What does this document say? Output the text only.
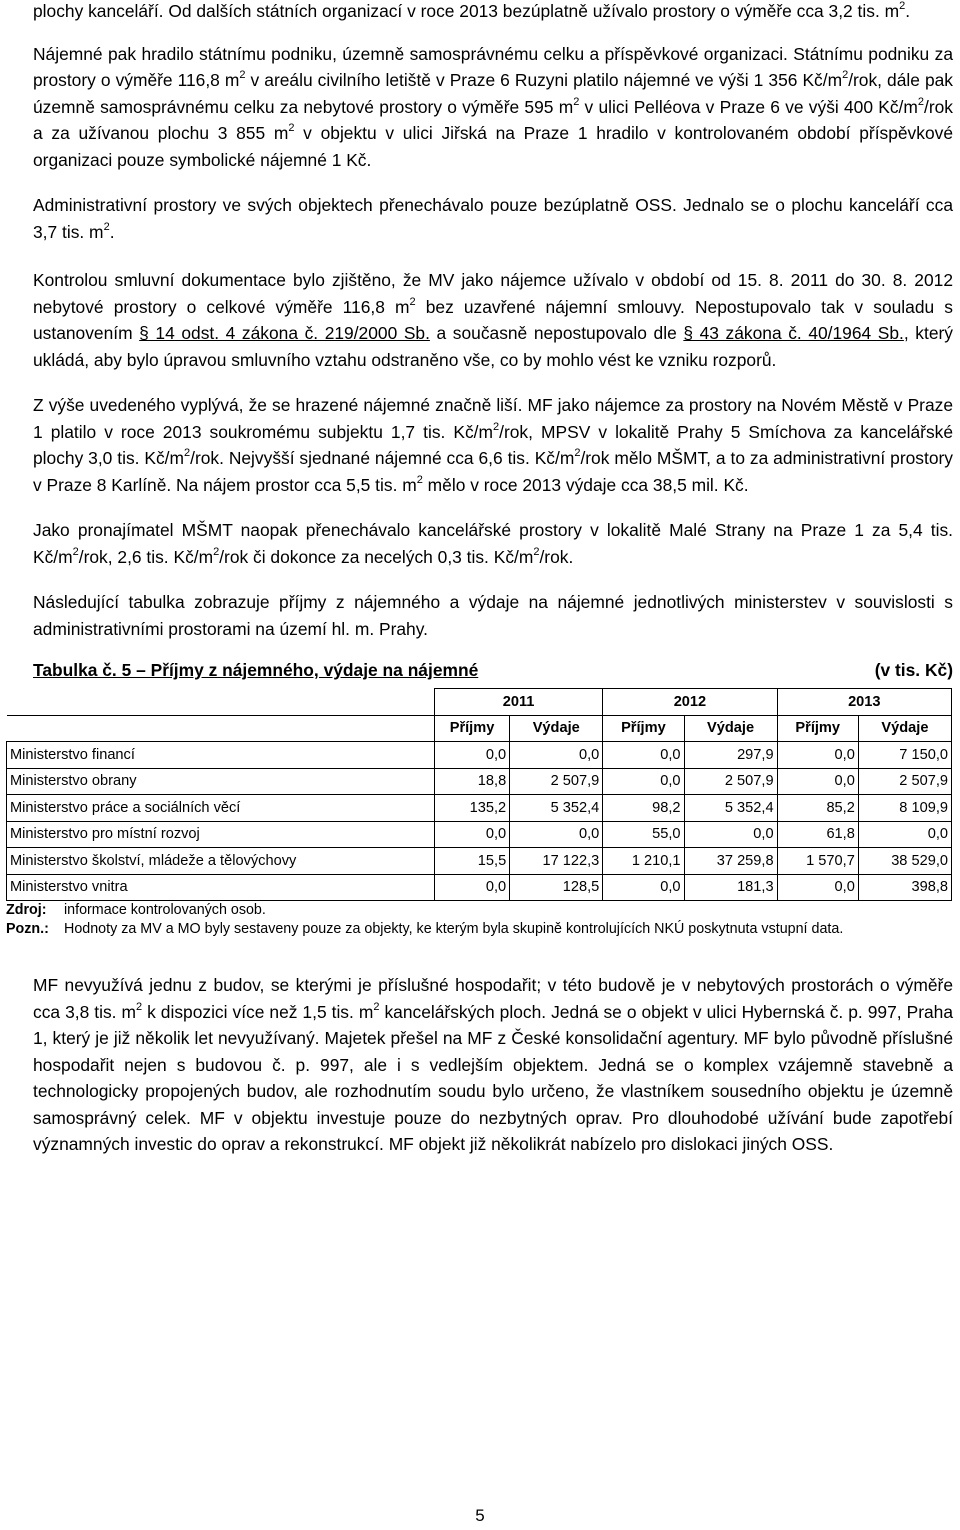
plochy kanceláří. Od dalších státních organizací v roce 2013 bezúplatně užívalo prostory o výměře cca 3,2 tis. $m^2$.

Nájemné pak hradilo státnímu podniku, územně samosprávnému celku a příspěvkové organizaci. Státnímu podniku za prostory o výměře 116,8 $m^2$ v areálu civilního letiště v Praze 6 Ruzyni platilo nájemné ve výši 1 356 $Kč/m^2$/rok, dále pak územně samosprávnému celku za nebytové prostory o výměře 595 $m^2$ v ulici Pelléova v Praze 6 ve výši 400 $Kč/m^2$/rok a za užívanou plochu 3 855 $m^2$ v objektu v ulici Jiřská na Praze 1 hradilo v kontrolovaném období příspěvkové organizaci pouze symbolické nájemné 1 Kč.

Administrativní prostory ve svých objektech přenechávalo pouze bezúplatně OSS. Jednalo se o plochu kanceláří cca 3,7 tis. $m^2$.

Kontrolou smluvní dokumentace bylo zjištěno, že MV jako nájemce užívalo v období od 15. 8. 2011 do 30. 8. 2012 nebytové prostory o celkové výměře 116,8 $m^2$ bez uzavřené nájemní smlouvy. Nepostupovalo tak v souladu s ustanovením § 14 odst. 4 zákona č. 219/2000 Sb. a současně nepostupovalo dle § 43 zákona č. 40/1964 Sb., který ukládá, aby bylo úpravou smluvního vztahu odstraněno vše, co by mohlo vést ke vzniku rozporů.

Z výše uvedeného vyplývá, že se hrazené nájemné značně liší. MF jako nájemce za prostory na Novém Městě v Praze 1 platilo v roce 2013 soukromému subjektu 1,7 tis. $Kč/m^2$/rok, MPSV v lokalitě Prahy 5 Smíchova za kancelářské plochy 3,0 tis. $Kč/m^2$/rok. Nejvyšší sjednané nájemné cca 6,6 tis. $Kč/m^2$/rok mělo MŠMT, a to za administrativní prostory v Praze 8 Karlíně. Na nájem prostor cca 5,5 tis. $m^2$ mělo v roce 2013 výdaje cca 38,5 mil. Kč.

Jako pronajímatel MŠMT naopak přenechávalo kancelářské prostory v lokalitě Malé Strany na Praze 1 za 5,4 tis. $Kč/m^2$/rok, 2,6 tis. $Kč/m^2$/rok či dokonce za necelých 0,3 tis. $Kč/m^2$/rok.

Následující tabulka zobrazuje příjmy z nájemného a výdaje na nájemné jednotlivých ministerstev v souvislosti s administrativními prostorami na území hl. m. Prahy.

Tabulka č. 5 – Příjmy z nájemného, výdaje na nájemné	(v tis. Kč)
	2011		2012		2013	
	Příjmy	Výdaje	Příjmy	Výdaje	Příjmy	Výdaje
Ministerstvo financí	0,0	0,0	0,0	297,9	0,0	7 150,0
Ministerstvo obrany	18,8	2 507,9	0,0	2 507,9	0,0	2 507,9
Ministerstvo práce a sociálních věcí	135,2	5 352,4	98,2	5 352,4	85,2	8 109,9
Ministerstvo pro místní rozvoj	0,0	0,0	55,0	0,0	61,8	0,0
Ministerstvo školství, mládeže a tělovýchovy	15,5	17 122,3	1 210,1	37 259,8	1 570,7	38 529,0
Ministerstvo vnitra	0,0	128,5	0,0	181,3	0,0	398,8
Zdroj:	informace kontrolovaných osob.
Pozn.:	Hodnoty za MV a MO byly sestaveny pouze za objekty, ke kterým byla skupině kontrolujících NKÚ poskytnuta vstupní data.

MF nevyužívá jednu z budov, se kterými je příslušné hospodařit; v této budově je v nebytových prostorách o výměře cca 3,8 tis. $m^2$ k dispozici více než 1,5 tis. $m^2$ kancelářských ploch. Jedná se o objekt v ulici Hybernská č. p. 997, Praha 1, který je již několik let nevyužívaný. Majetek přešel na MF z České konsolidační agentury. MF bylo původně příslušné hospodařit nejen s budovou č. p. 997, ale i s vedlejším objektem. Jedná se o komplex vzájemně stavebně a technologicky propojených budov, ale rozhodnutím soudu bylo určeno, že vlastníkem sousedního objektu je územně samosprávný celek. MF v objektu investuje pouze do nezbytných oprav. Pro dlouhodobé užívání bude zapotřebí významných investic do oprav a rekonstrukcí. MF objekt již několikrát nabízelo pro dislokaci jiných OSS.

5
